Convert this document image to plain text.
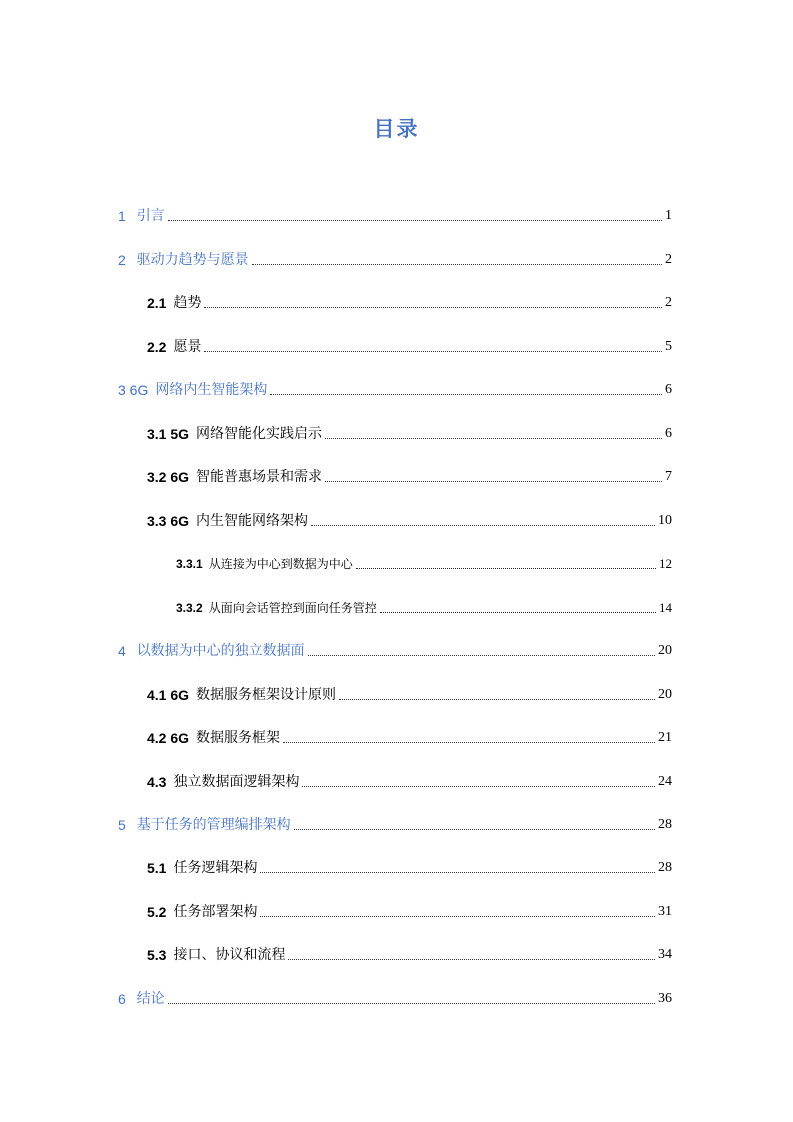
目录
1 引言	1
2 驱动力趋势与愿景	2
2.1 趋势	2
2.2 愿景	5
3 6G 网络内生智能架构	6
3.1 5G 网络智能化实践启示	6
3.2 6G 智能普惠场景和需求	7
3.3 6G 内生智能网络架构	10
3.3.1 从连接为中心到数据为中心	12
3.3.2 从面向会话管控到面向任务管控	14
4 以数据为中心的独立数据面	20
4.1 6G 数据服务框架设计原则	20
4.2 6G 数据服务框架	21
4.3 独立数据面逻辑架构	24
5 基于任务的管理编排架构	28
5.1 任务逻辑架构	28
5.2 任务部署架构	31
5.3 接口、协议和流程	34
6 结论	36
